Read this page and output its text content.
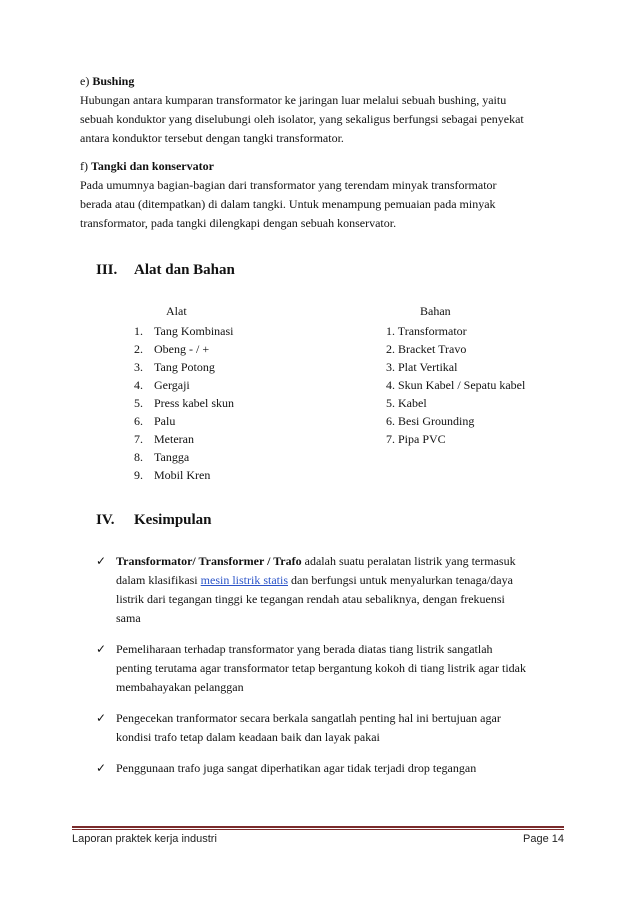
e) Bushing
Hubungan antara kumparan transformator ke jaringan luar melalui sebuah bushing, yaitu
sebuah konduktor yang diselubungi oleh isolator, yang sekaligus berfungsi sebagai penyekat
antara konduktor tersebut dengan tangki transformator.
f) Tangki dan konservator
Pada umumnya bagian-bagian dari transformator yang terendam minyak transformator
berada atau (ditempatkan) di dalam tangki. Untuk menampung pemuaian pada minyak
transformator, pada tangki dilengkapi dengan sebuah konservator.
III. Alat dan Bahan
Alat	Bahan
1. Tang Kombinasi
2. Obeng - / +
3. Tang Potong
4. Gergaji
5. Press kabel skun
6. Palu
7. Meteran
8. Tangga
9. Mobil Kren
1. Transformator
2. Bracket Travo
3. Plat Vertikal
4. Skun Kabel / Sepatu kabel
5. Kabel
6. Besi Grounding
7. Pipa PVC
IV. Kesimpulan
✓ Transformator/ Transformer / Trafo adalah suatu peralatan listrik yang termasuk
dalam klasifikasi mesin listrik statis dan berfungsi untuk menyalurkan tenaga/daya
listrik dari tegangan tinggi ke tegangan rendah atau sebaliknya, dengan frekuensi
sama
✓ Pemeliharaan terhadap transformator yang berada diatas tiang listrik sangatlah
penting terutama agar transformator tetap bergantung kokoh di tiang listrik agar tidak
membahayakan pelanggan
✓ Pengecekan tranformator secara berkala sangatlah penting hal ini bertujuan agar
kondisi trafo tetap dalam keadaan baik dan layak pakai
✓ Penggunaan trafo juga sangat diperhatikan agar tidak terjadi drop tegangan
Laporan praktek kerja industri	Page 14
